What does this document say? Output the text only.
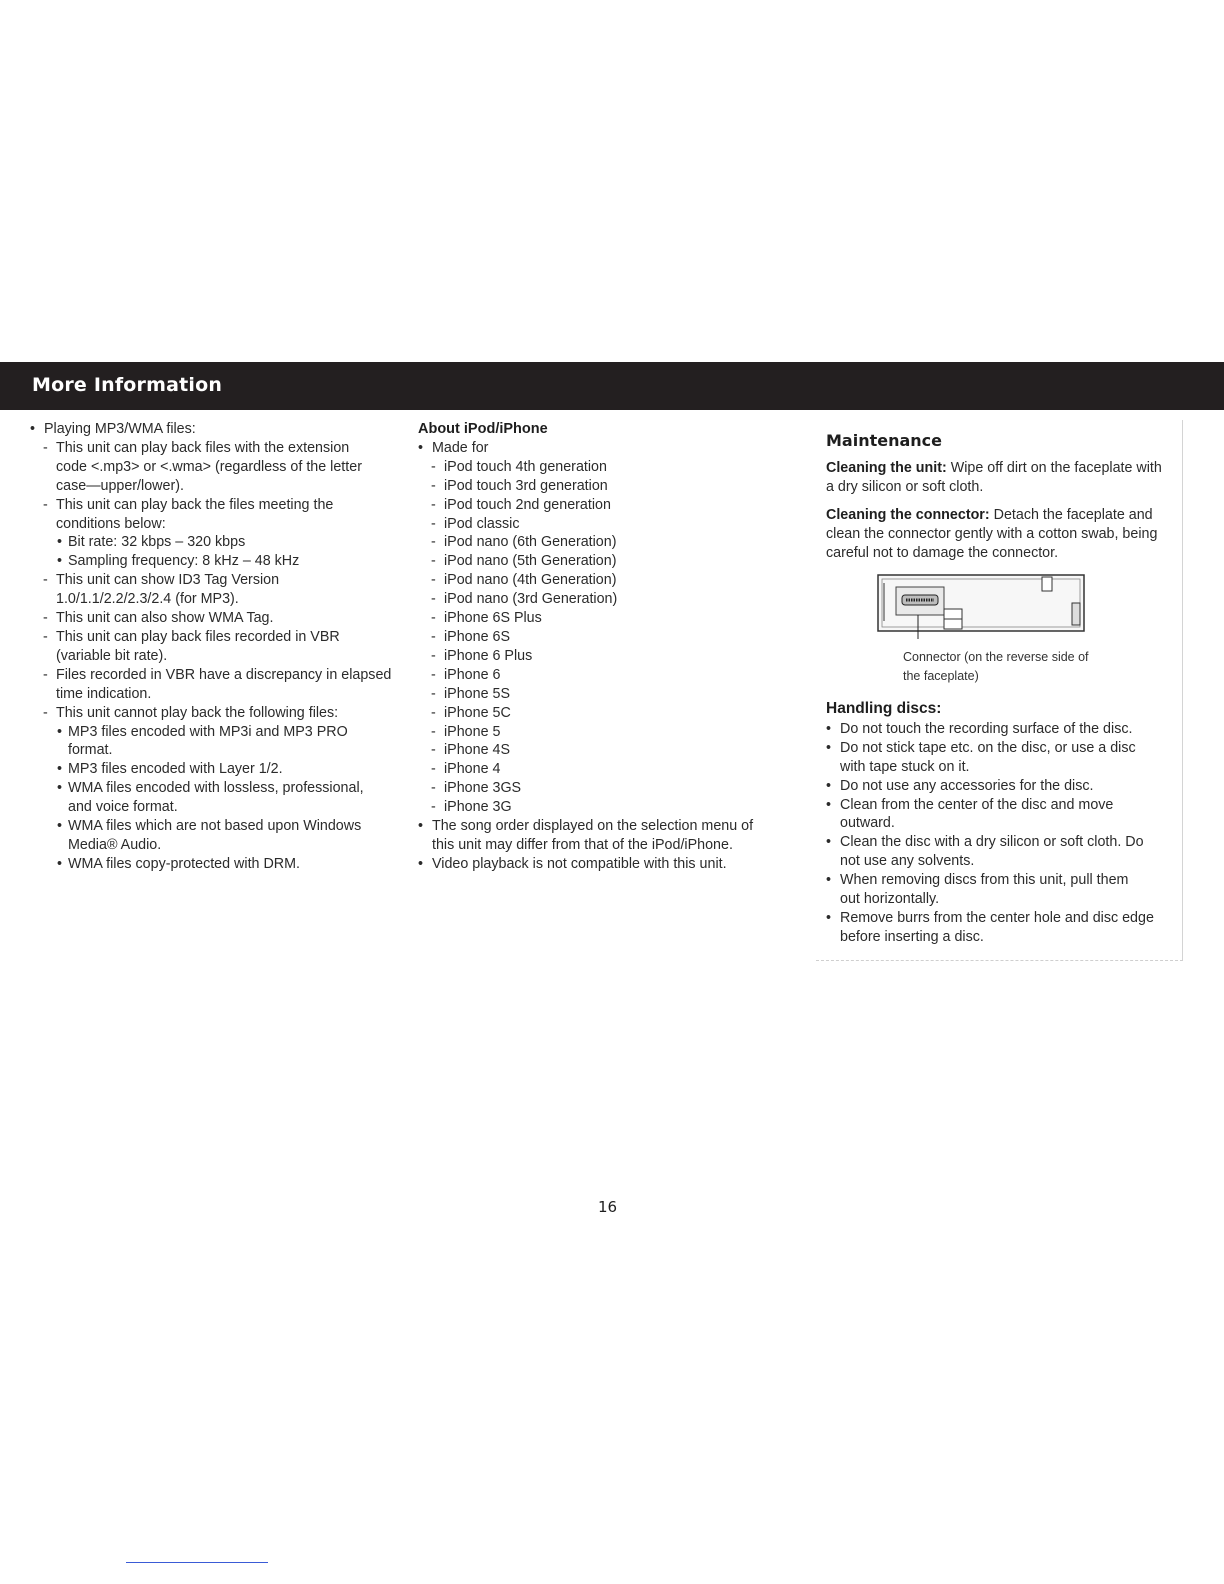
More Information
• Playing MP3/WMA files:
- This unit can play back files with the extension
code <.mp3> or <.wma> (regardless of the letter
case—upper/lower).
- This unit can play back the files meeting the
conditions below:
• Bit rate: 32 kbps – 320 kbps
• Sampling frequency: 8 kHz – 48 kHz
- This unit can show ID3 Tag Version
1.0/1.1/2.2/2.3/2.4 (for MP3).
- This unit can also show WMA Tag.
- This unit can play back files recorded in VBR
(variable bit rate).
- Files recorded in VBR have a discrepancy in elapsed
time indication.
- This unit cannot play back the following files:
• MP3 files encoded with MP3i and MP3 PRO
format.
• MP3 files encoded with Layer 1/2.
• WMA files encoded with lossless, professional,
and voice format.
• WMA files which are not based upon Windows
Media® Audio.
• WMA files copy-protected with DRM.
About iPod/iPhone
• Made for
- iPod touch 4th generation
- iPod touch 3rd generation
- iPod touch 2nd generation
- iPod classic
- iPod nano (6th Generation)
- iPod nano (5th Generation)
- iPod nano (4th Generation)
- iPod nano (3rd Generation)
- iPhone 6S Plus
- iPhone 6S
- iPhone 6 Plus
- iPhone 6
- iPhone 5S
- iPhone 5C
- iPhone 5
- iPhone 4S
- iPhone 4
- iPhone 3GS
- iPhone 3G
• The song order displayed on the selection menu of
this unit may differ from that of the iPod/iPhone.
• Video playback is not compatible with this unit.
Maintenance
Cleaning the unit: Wipe off dirt on the faceplate with a dry silicon or soft cloth.
Cleaning the connector: Detach the faceplate and clean the connector gently with a cotton swab, being careful not to damage the connector.
Connector (on the reverse side of
the faceplate)
Handling discs:
• Do not touch the recording surface of the disc.
• Do not stick tape etc. on the disc, or use a disc
with tape stuck on it.
• Do not use any accessories for the disc.
• Clean from the center of the disc and move
outward.
• Clean the disc with a dry silicon or soft cloth. Do
not use any solvents.
• When removing discs from this unit, pull them
out horizontally.
• Remove burrs from the center hole and disc edge
before inserting a disc.
16
